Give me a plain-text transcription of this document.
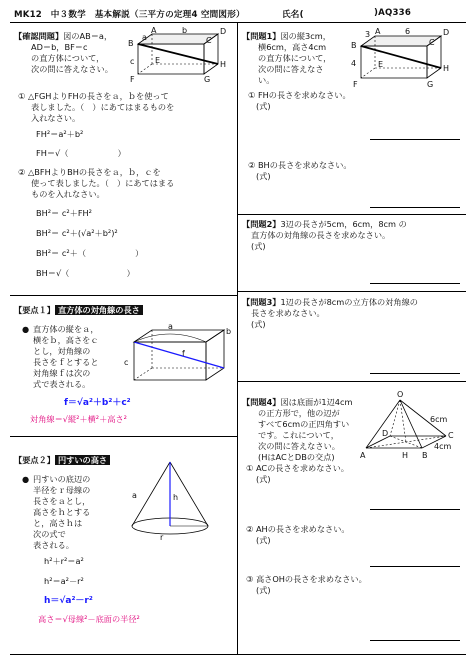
MK12　中３数学　基本解説（三平方の定理4 空間図形）	氏名(	)AQ336
【確認問題】図のAB＝a，
AD＝b，BF＝c
の直方体について，
次の問に答えなさい。
a
A	b	D
B	C
E
c	H
F	G
① △FGHよりFHの長さをａ，ｂを使って
表しました。（　）にあてはまるものを
入れなさい。
FH²＝a²＋b²
FH＝√（　　　　　　）
② △BFHよりBHの長さをａ，ｂ，ｃを
使って表しました。（　）にあてはまる
ものを入れなさい。
BH²＝ c²＋FH²
BH²＝ c²＋(√a²＋b²)²
BH²＝ c²＋（　　　　　　）
BH＝√（　　　　　　　）
【要点１】 直方体の対角線の長さ
● 直方体の縦をａ，
横をｂ，高さをｃ
とし，対角線の
長さをｆとすると
対角線ｆは次の
式で表される。
a
b
c
f
f＝√a²＋b²＋c²
対角線＝√縦²＋横²＋高さ²
【要点２】 円すいの高さ
● 円すいの底辺の
半径をｒ母線の
長さをａとし，
高さをｈとする
と，高さｈは
次の式で
表される。
a	h
r
h²＋r²＝a²
h²＝a²－r²
h＝√a²－r²
高さ＝√母線²－底面の半径²
【問題1】図の縦3cm，
横6cm，高さ4cm
の直方体について，
次の問に答えなさ
い。
3 A	6	D
B	C
4	E	H
F	G
① FHの長さを求めなさい。
(式)
② BHの長さを求めなさい。
(式)
【問題2】3辺の長さが5cm，6cm，8cm の
直方体の対角線の長さを求めなさい。
(式)
【問題3】1辺の長さが8cmの立方体の対角線の
長さを求めなさい。
(式)
【問題4】図は底面が1辺4cm
の正方形で，他の辺が
すべて6cmの正四角すい
です。これについて，
次の問に答えなさい。
(HはACとDBの交点)
O
6cm
D	C
4cm
A	H B
① ACの長さを求めなさい。
(式)
② AHの長さを求めなさい。
(式)
③ 高さOHの長さを求めなさい。
(式)
